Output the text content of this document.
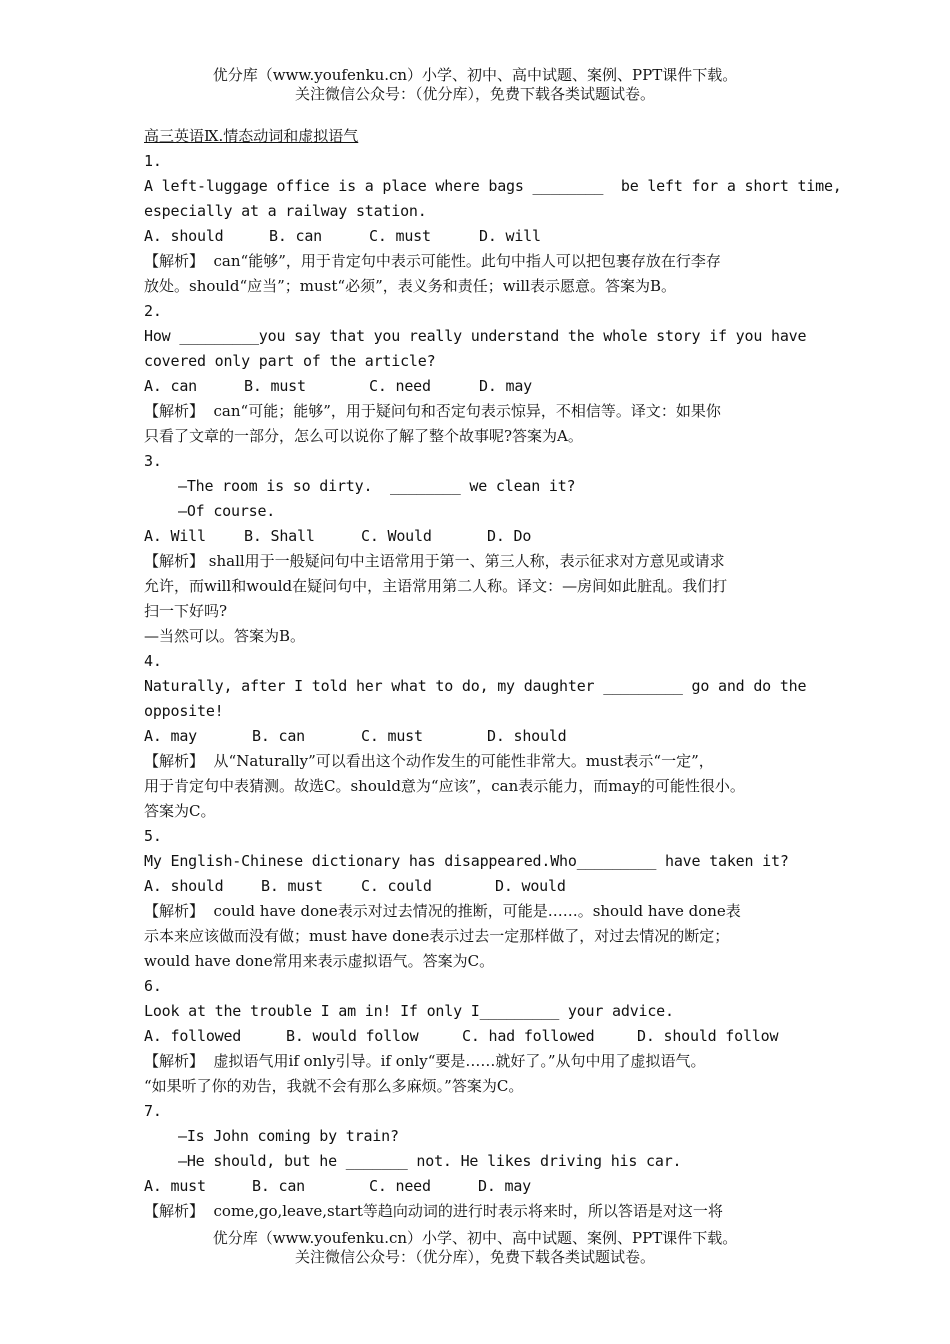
优分库（www.youfenku.cn）小学、初中、高中试题、案例、PPT课件下载。
关注微信公众号：（优分库），免费下载各类试题试卷。
高三英语Ⅸ.情态动词和虚拟语气
1.
A left-luggage office is a place where bags ________  be left for a short time,
especially at a railway station.
A. should	B. can	C. must	D. will
【解析】  can“能够”，用于肯定句中表示可能性。此句中指人可以把包裹存放在行李存
放处。should“应当”；must“必须”，表义务和责任；will表示愿意。答案为B。
2.
How _________you say that you really understand the whole story if you have
covered only part of the article?
A. can	B. must	C. need	D. may
【解析】  can“可能；能够”，用于疑问句和否定句表示惊异，不相信等。译文：如果你
只看了文章的一部分，怎么可以说你了解了整个故事呢?答案为A。
3.
—The room is so dirty.  ________ we clean it?
—Of course.
A. Will	B. Shall	C. Would	D. Do
【解析】 shall用于一般疑问句中主语常用于第一、第三人称，表示征求对方意见或请求
允许，而will和would在疑问句中，主语常用第二人称。译文：—房间如此脏乱。我们打
扫一下好吗?
—当然可以。答案为B。
4.
Naturally, after I told her what to do, my daughter _________ go and do the
opposite!
A. may	B. can	C. must	D. should
【解析】  从“Naturally”可以看出这个动作发生的可能性非常大。must表示“一定”，
用于肯定句中表猜测。故选C。should意为“应该”，can表示能力，而may的可能性很小。
答案为C。
5.
My English-Chinese dictionary has disappeared.Who_________ have taken it?
A. should	B. must	C. could	D. would
【解析】  could have done表示对过去情况的推断，可能是……。should have done表
示本来应该做而没有做；must have done表示过去一定那样做了，对过去情况的断定；
would have done常用来表示虚拟语气。答案为C。
6.
Look at the trouble I am in! If only I_________ your advice.
A. followed	B. would follow	C. had followed	D. should follow
【解析】  虚拟语气用if only引导。if only“要是……就好了。”从句中用了虚拟语气。
“如果听了你的劝告，我就不会有那么多麻烦。”答案为C。
7.
—Is John coming by train?
—He should, but he _______ not. He likes driving his car.
A. must	B. can	C. need	D. may
【解析】  come,go,leave,start等趋向动词的进行时表示将来时，所以答语是对这一将
优分库（www.youfenku.cn）小学、初中、高中试题、案例、PPT课件下载。
关注微信公众号：（优分库），免费下载各类试题试卷。
